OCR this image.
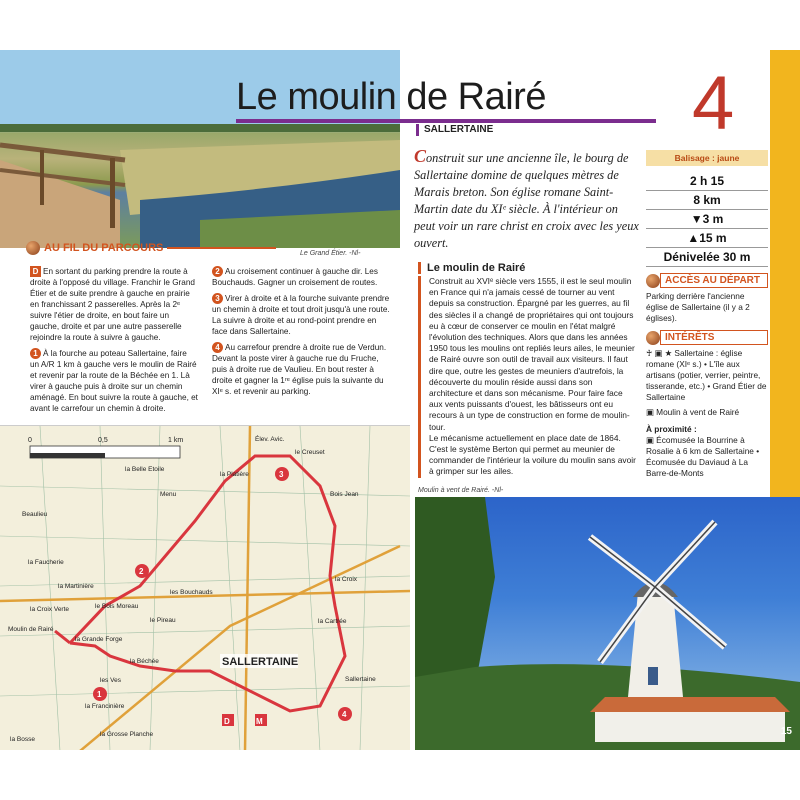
Le Grand Étier. -Nl-
Le moulin de Rairé
SALLERTAINE	4
Construit sur une ancienne île, le bourg de Sallertaine domine de quelques mètres de Marais breton. Son église romane Saint-Martin date du XIᵉ siècle. À l'intérieur on peut voir un rare christ en croix avec les yeux ouvert.
AU FIL DU PARCOURS

D En sortant du parking prendre la route à droite à l'opposé du village. Franchir le Grand Étier et de suite prendre à gauche en prairie en franchissant 2 passerelles. Après la 2ᵉ suivre l'étier de droite, en bout faire un gauche, droite et par une autre passerelle rejoindre la route à suivre à gauche.

1 À la fourche au poteau Sallertaine, faire un A/R 1 km à gauche vers le moulin de Rairé et revenir par la route de la Béchée en 1. Là virer à gauche puis à droite sur un chemin aménagé. En bout suivre la route à gauche, et avant le carrefour un chemin à droite.

2 Au croisement continuer à gauche dir. Les Bouchauds. Gagner un croisement de routes.

3 Virer à droite et à la fourche suivante prendre un chemin à droite et tout droit jusqu'à une route. La suivre à droite et au rond-point prendre en face dans Sallertaine.

4 Au carrefour prendre à droite rue de Verdun. Devant la poste virer à gauche rue du Fruche, puis à droite rue de Vaulieu. En bout rester à droite et gagner la 1ʳᵉ église puis la suivante du XIᵉ s. et revenir au parking.

0	0,5	1 km
la Belle Etoile
Beaulieu
la Faucherie
la Martinière
la Croix Verte	le Bois Moreau
Moulin de Rairé
la Grande Forge
la Béchée
les Ves
la Francinière
la Grosse Planche
la Bosse
les Bouchauds
Sallertaine
le Creuset
Bois Jean
la Cartrée
la Croix
la Platière
le Pireau
Menu
Élev. Avic.
SALLERTAINE
1
2
3
4
D	M
Le moulin de Rairé
Construit au XVIᵉ siècle vers 1555, il est le seul moulin en France qui n'a jamais cessé de tourner au vent depuis sa construction. Épargné par les guerres, au fil des siècles il a changé de propriétaires qui ont toujours eu à cœur de conserver ce moulin en l'état malgré l'évolution des techniques. Alors que dans les années 1950 tous les moulins ont repliés leurs ailes, le meunier de Rairé ouvre son outil de travail aux visiteurs. Il faut dire que, outre les gestes de meuniers d'autrefois, la découverte du moulin réside aussi dans son architecture et dans son mécanisme. Pour faire face aux vents puissants d'ouest, les bâtisseurs ont eu recours à un type de construction en forme de moulin-tour.
Le mécanisme actuellement en place date de 1864. C'est le système Berton qui permet au meunier de commander de l'intérieur la voilure du moulin sans avoir à grimper sur les ailes.
Moulin à vent de Rairé. -Nl-
15
Balisage : jaune
2 h 15
8 km
▼3 m
▲15 m
Dénivelée 30 m
ACCÈS AU DÉPART
Parking derrière l'ancienne église de Sallertaine (il y a 2 églises).
INTÉRÊTS
♰ ▣ ★ Sallertaine : église romane (XIᵉ s.) • L'île aux artisans (potier, verrier, peintre, tisserande, etc.) • Grand Étier de Sallertaine
▣ Moulin à vent de Rairé
À proximité :
▣ Écomusée la Bourrine à Rosalie à 6 km de Sallertaine • Écomusée du Daviaud à La Barre-de-Monts
